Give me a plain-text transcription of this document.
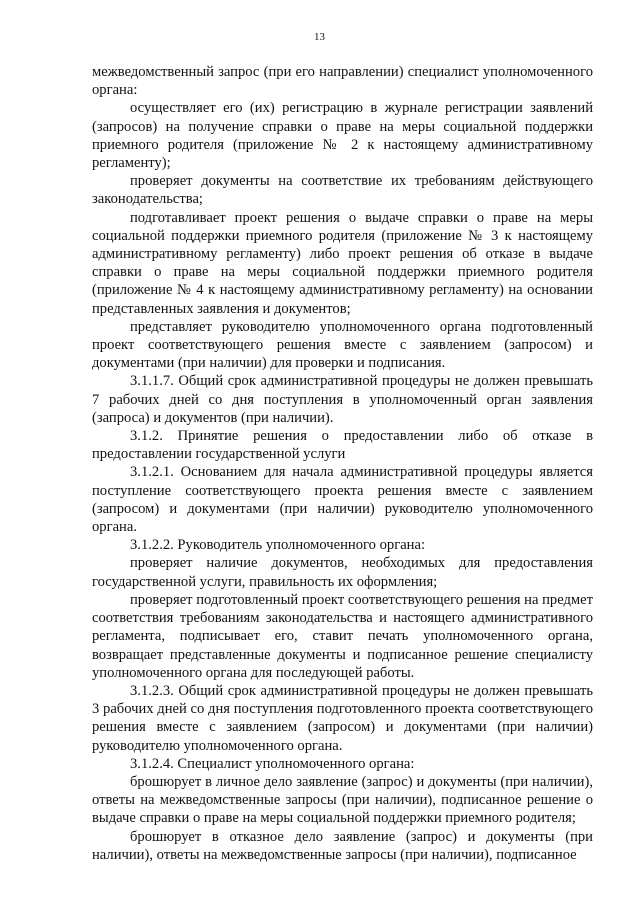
13

межведомственный запрос (при его направлении) специалист уполномоченного органа:

осуществляет его (их) регистрацию в журнале регистрации заявлений (запросов) на получение справки о праве на меры социальной поддержки приемного родителя (приложение № 2 к настоящему административному регламенту);

проверяет документы на соответствие их требованиям действующего законодательства;

подготавливает проект решения о выдаче справки о праве на меры социальной поддержки приемного родителя (приложение № 3 к настоящему административному регламенту) либо проект решения об отказе в выдаче справки о праве на меры социальной поддержки приемного родителя (приложение № 4 к настоящему административному регламенту) на основании представленных заявления и документов;

представляет руководителю уполномоченного органа подготовленный проект соответствующего решения вместе с заявлением (запросом) и документами (при наличии) для проверки и подписания.

3.1.1.7. Общий срок административной процедуры не должен превышать 7 рабочих дней со дня поступления в уполномоченный орган заявления (запроса) и документов (при наличии).

3.1.2. Принятие решения о предоставлении либо об отказе в предоставлении государственной услуги

3.1.2.1. Основанием для начала административной процедуры является поступление соответствующего проекта решения вместе с заявлением (запросом) и документами (при наличии) руководителю уполномоченного органа.

3.1.2.2. Руководитель уполномоченного органа:

проверяет наличие документов, необходимых для предоставления государственной услуги, правильность их оформления;

проверяет подготовленный проект соответствующего решения на предмет соответствия требованиям законодательства и настоящего административного регламента, подписывает его, ставит печать уполномоченного органа, возвращает представленные документы и подписанное решение специалисту уполномоченного органа для последующей работы.

3.1.2.3. Общий срок административной процедуры не должен превышать 3 рабочих дней со дня поступления подготовленного проекта соответствующего решения вместе с заявлением (запросом) и документами (при наличии) руководителю уполномоченного органа.

3.1.2.4. Специалист уполномоченного органа:

брошюрует в личное дело заявление (запрос) и документы (при наличии), ответы на межведомственные запросы (при наличии), подписанное решение о выдаче справки о праве на меры социальной поддержки приемного родителя;

брошюрует в отказное дело заявление (запрос) и документы (при наличии), ответы на межведомственные запросы (при наличии), подписанное
